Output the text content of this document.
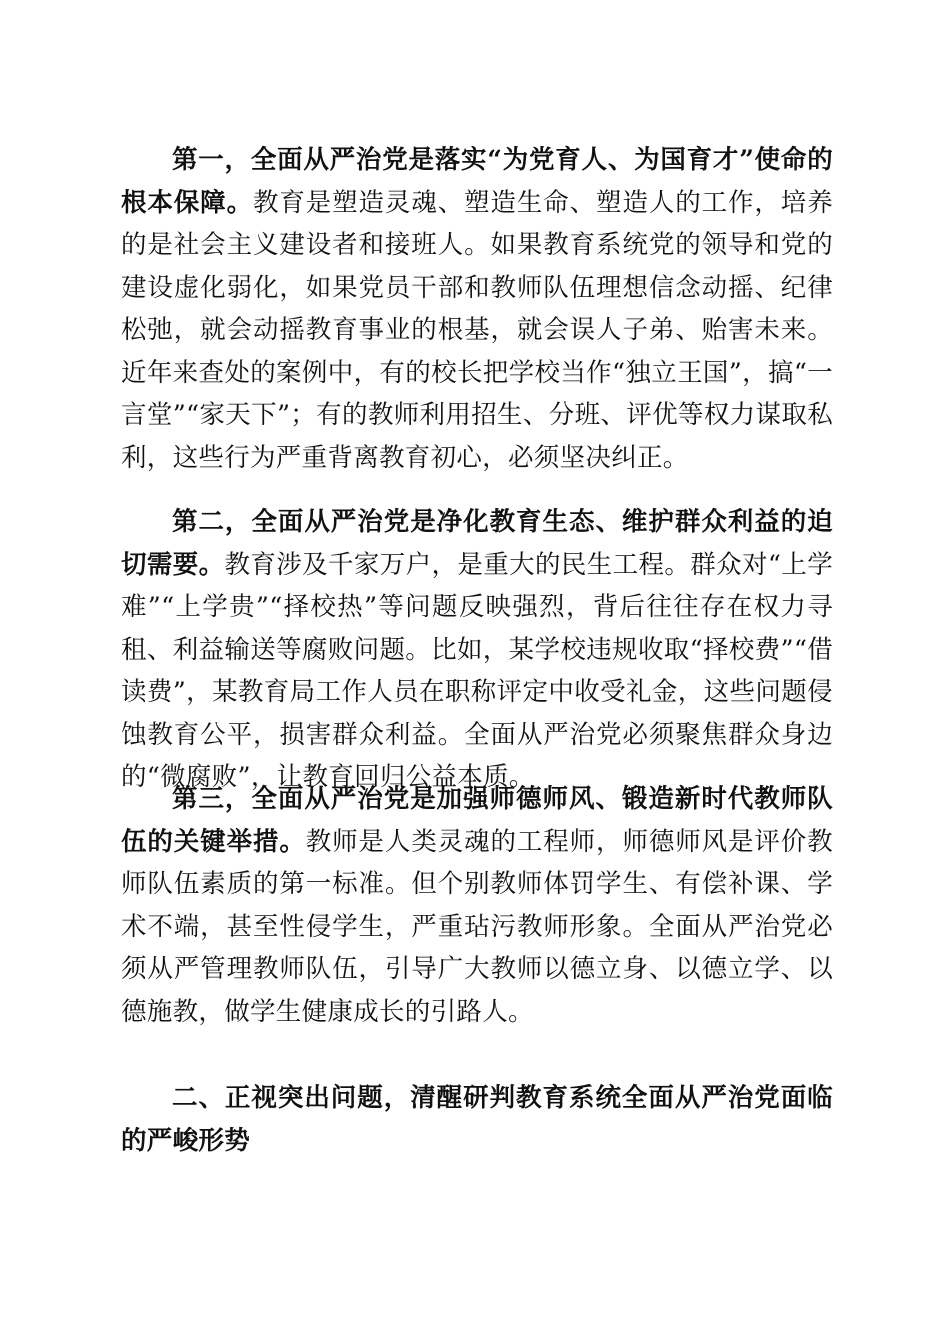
第一，全面从严治党是落实“为党育人、为国育才”使命的根本保障。教育是塑造灵魂、塑造生命、塑造人的工作，培养的是社会主义建设者和接班人。如果教育系统党的领导和党的建设虚化弱化，如果党员干部和教师队伍理想信念动摇、纪律松弛，就会动摇教育事业的根基，就会误人子弟、贻害未来。近年来查处的案例中，有的校长把学校当作“独立王国”，搞“一言堂”“家天下”；有的教师利用招生、分班、评优等权力谋取私利，这些行为严重背离教育初心，必须坚决纠正。

第二，全面从严治党是净化教育生态、维护群众利益的迫切需要。教育涉及千家万户，是重大的民生工程。群众对“上学难”“上学贵”“择校热”等问题反映强烈，背后往往存在权力寻租、利益输送等腐败问题。比如，某学校违规收取“择校费”“借读费”，某教育局工作人员在职称评定中收受礼金，这些问题侵蚀教育公平，损害群众利益。全面从严治党必须聚焦群众身边的“微腐败”，让教育回归公益本质。

第三，全面从严治党是加强师德师风、锻造新时代教师队伍的关键举措。教师是人类灵魂的工程师，师德师风是评价教师队伍素质的第一标准。但个别教师体罚学生、有偿补课、学术不端，甚至性侵学生，严重玷污教师形象。全面从严治党必须从严管理教师队伍，引导广大教师以德立身、以德立学、以德施教，做学生健康成长的引路人。

二、正视突出问题，清醒研判教育系统全面从严治党面临的严峻形势
